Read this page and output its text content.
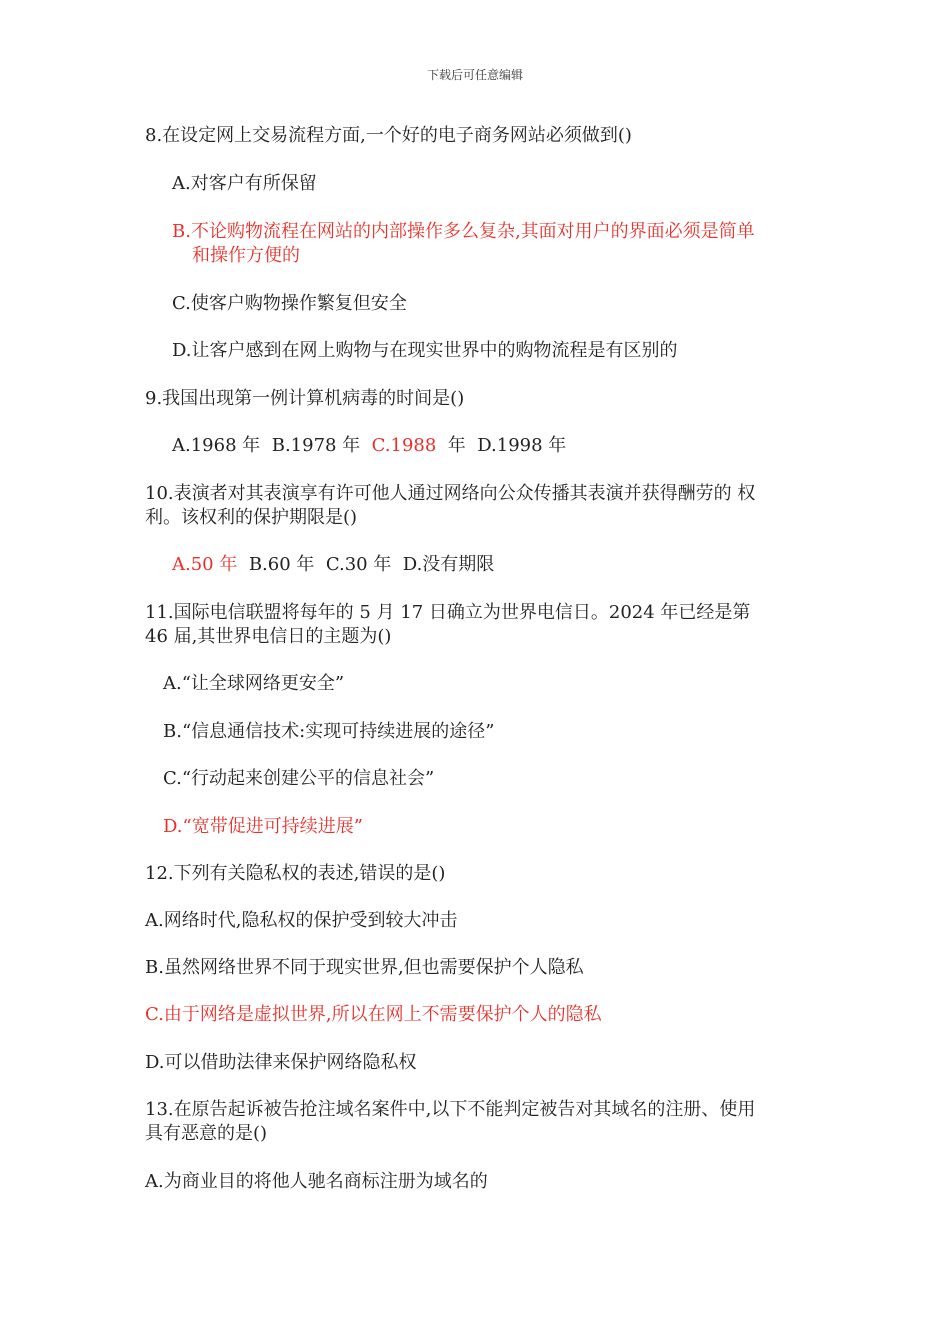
下载后可任意编辑
8.在设定网上交易流程方面,一个好的电子商务网站必须做到()
A.对客户有所保留
B.不论购物流程在网站的内部操作多么复杂,其面对用户的界面必须是简单
和操作方便的
C.使客户购物操作繁复但安全
D.让客户感到在网上购物与在现实世界中的购物流程是有区别的
9.我国出现第一例计算机病毒的时间是()
A.1968 年 B.1978 年 C.1988 年 D.1998 年
10.表演者对其表演享有许可他人通过网络向公众传播其表演并获得酬劳的 权
利。该权利的保护期限是()
A.50 年 B.60 年 C.30 年 D.没有期限
11.国际电信联盟将每年的 5 月 17 日确立为世界电信日。2024 年已经是第
46 届,其世界电信日的主题为()
A.“让全球网络更安全”
B.“信息通信技术:实现可持续进展的途径”
C.“行动起来创建公平的信息社会”
D.“宽带促进可持续进展”
12.下列有关隐私权的表述,错误的是()
A.网络时代,隐私权的保护受到较大冲击
B.虽然网络世界不同于现实世界,但也需要保护个人隐私
C.由于网络是虚拟世界,所以在网上不需要保护个人的隐私
D.可以借助法律来保护网络隐私权
13.在原告起诉被告抢注域名案件中,以下不能判定被告对其域名的注册、使用
具有恶意的是()
A.为商业目的将他人驰名商标注册为域名的
